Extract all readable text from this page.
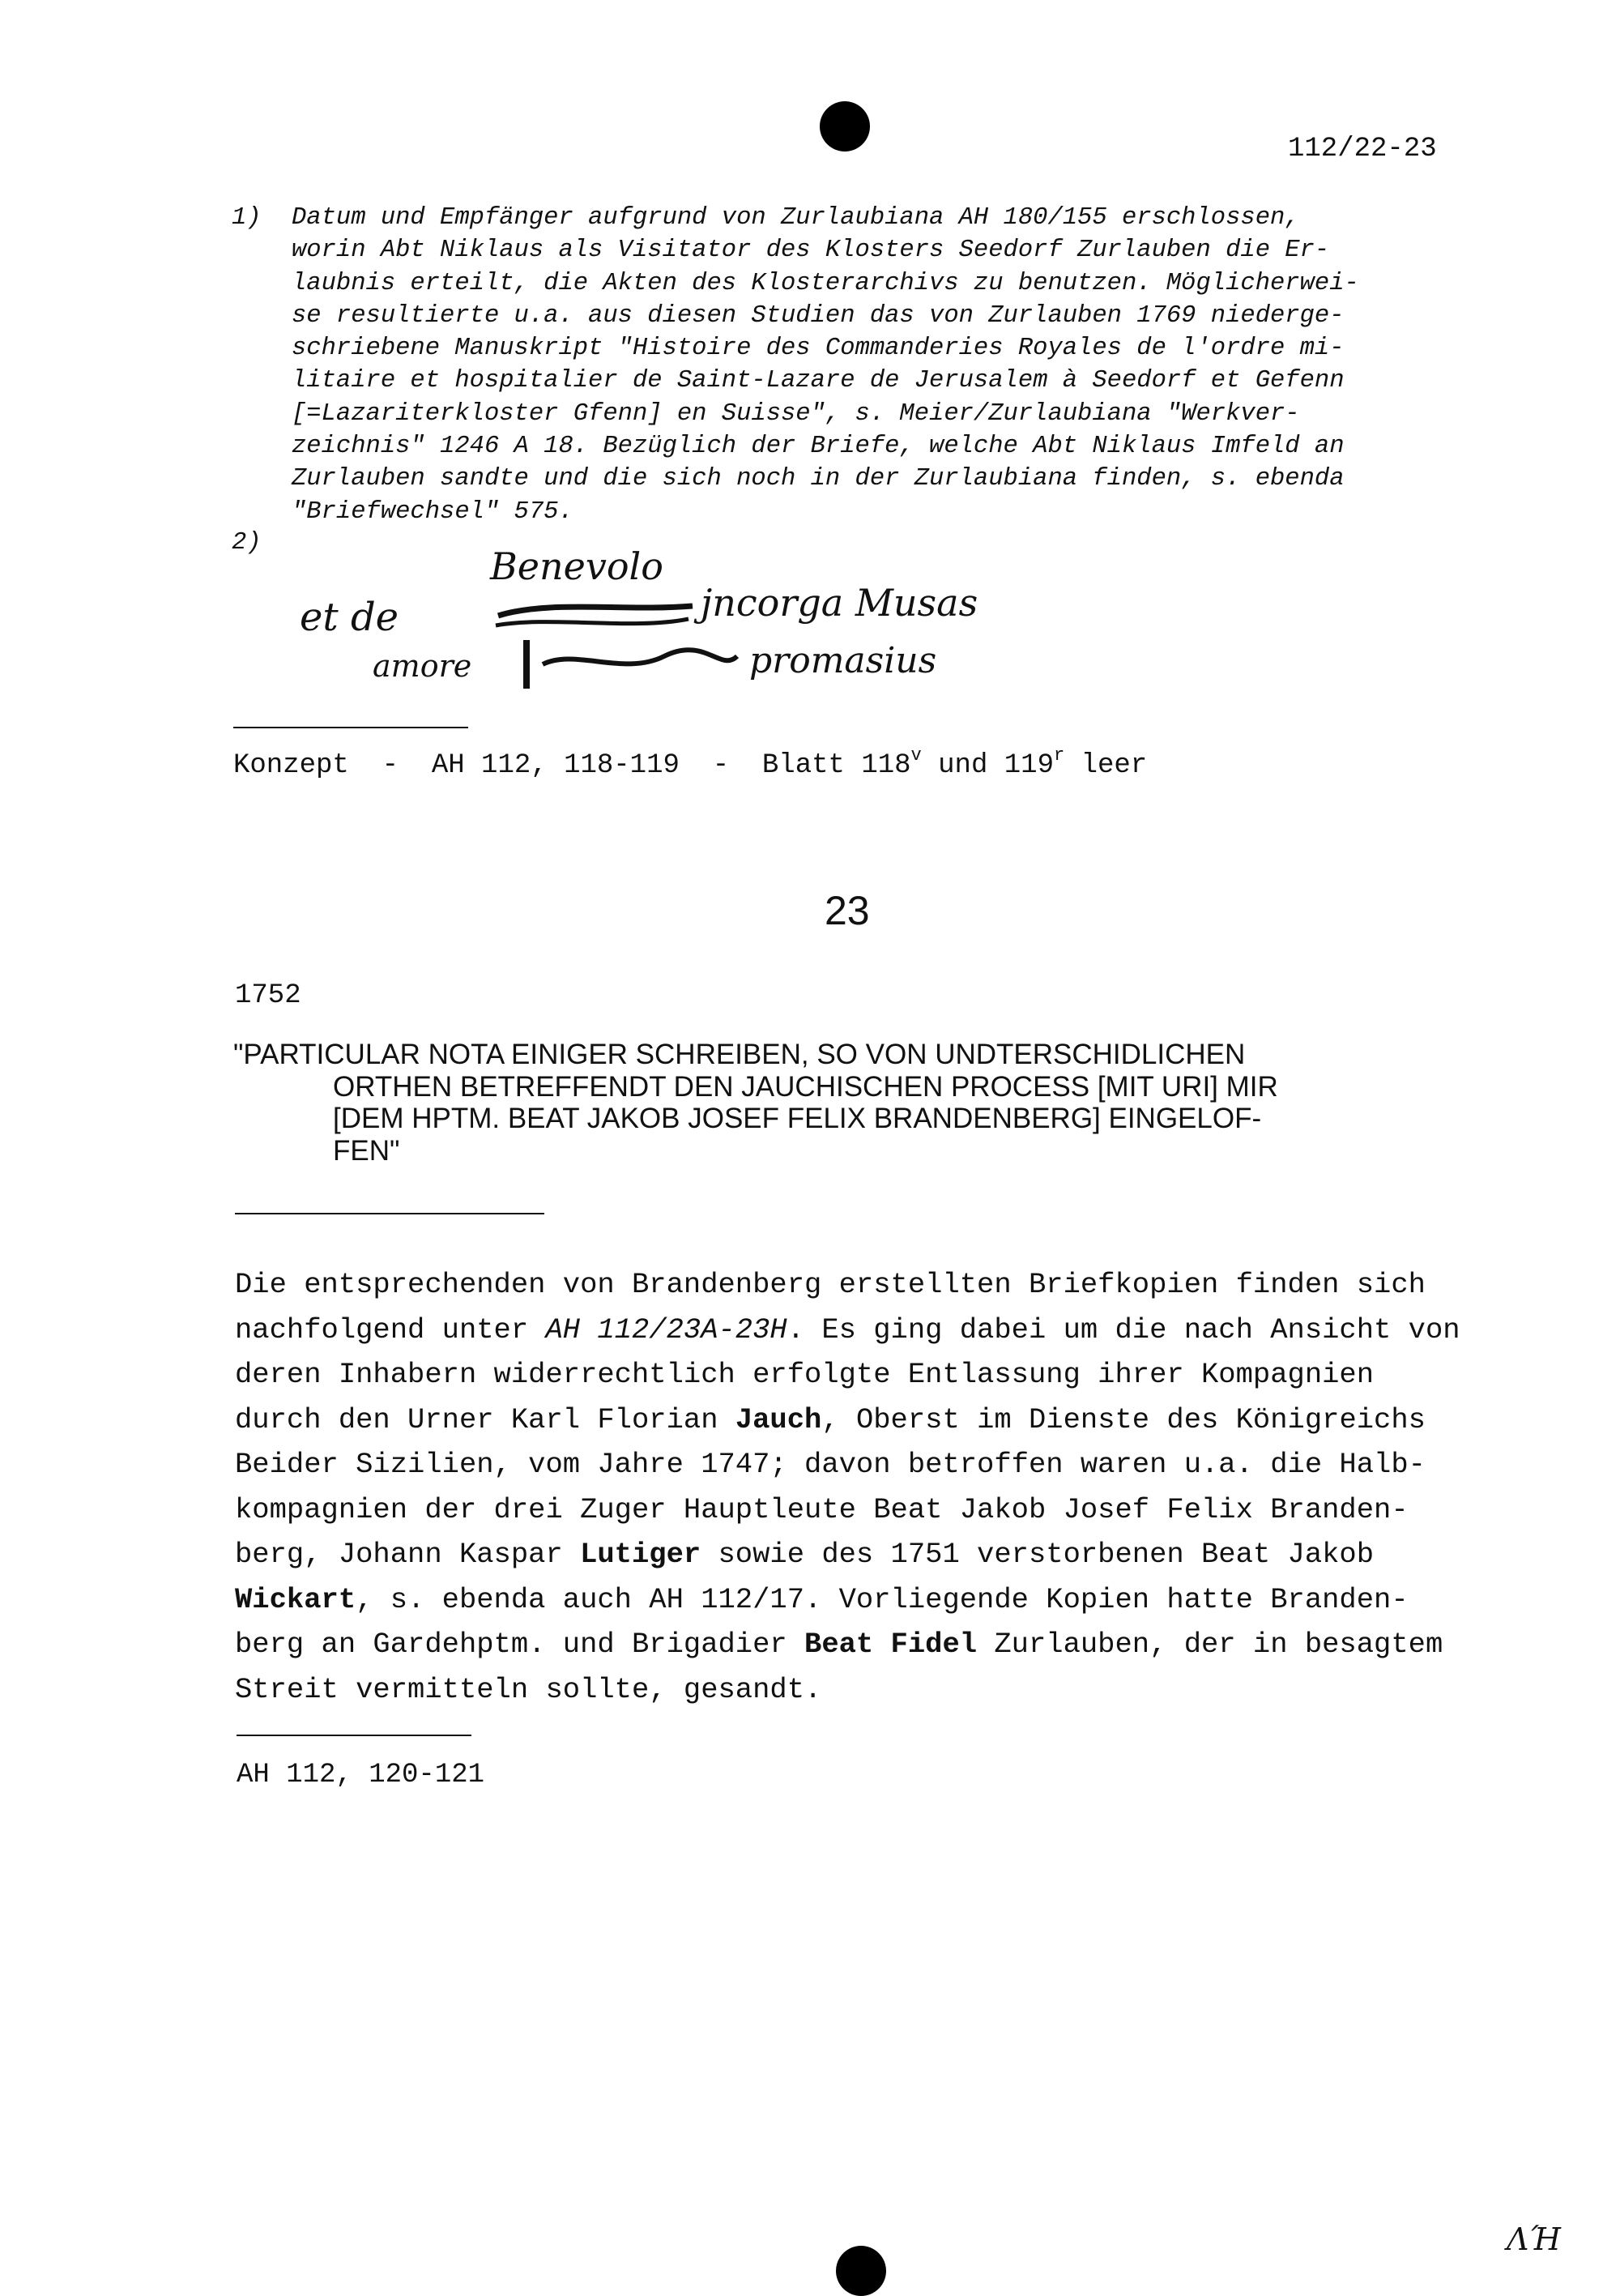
112/22-23
1) Datum und Empfänger aufgrund von Zurlaubiana AH 180/155 erschlossen,
worin Abt Niklaus als Visitator des Klosters Seedorf Zurlauben die Er-
laubnis erteilt, die Akten des Klosterarchivs zu benutzen. Möglicherwei-
se resultierte u.a. aus diesen Studien das von Zurlauben 1769 niederge-
schriebene Manuskript "Histoire des Commanderies Royales de l'ordre mi-
litaire et hospitalier de Saint-Lazare de Jerusalem à Seedorf et Gefenn
[=Lazariterkloster Gfenn] en Suisse", s. Meier/Zurlaubiana "Werkver-
zeichnis" 1246 A 18. Bezüglich der Briefe, welche Abt Niklaus Imfeld an
Zurlauben sandte und die sich noch in der Zurlaubiana finden, s. ebenda
"Briefwechsel" 575.
2)
Benevolo
et de	jncorga Musas
amore	promasius
Konzept  -  AH 112, 118-119  -  Blatt 118$^v$ und 119$^r$ leer
23
1752
"PARTICULAR NOTA EINIGER SCHREIBEN, SO VON UNDTERSCHIDLICHEN
ORTHEN BETREFFENDT DEN JAUCHISCHEN PROCESS [MIT URI] MIR
[DEM HPTM. BEAT JAKOB JOSEF FELIX BRANDENBERG] EINGELOF-
FEN"
Die entsprechenden von Brandenberg erstellten Briefkopien finden sich
nachfolgend unter AH 112/23A-23H. Es ging dabei um die nach Ansicht von
deren Inhabern widerrechtlich erfolgte Entlassung ihrer Kompagnien
durch den Urner Karl Florian Jauch, Oberst im Dienste des Königreichs
Beider Sizilien, vom Jahre 1747; davon betroffen waren u.a. die Halb-
kompagnien der drei Zuger Hauptleute Beat Jakob Josef Felix Branden-
berg, Johann Kaspar Lutiger sowie des 1751 verstorbenen Beat Jakob
Wickart, s. ebenda auch AH 112/17. Vorliegende Kopien hatte Branden-
berg an Gardehptm. und Brigadier Beat Fidel Zurlauben, der in besagtem
Streit vermitteln sollte, gesandt.
AH 112, 120-121
ΛΉ
